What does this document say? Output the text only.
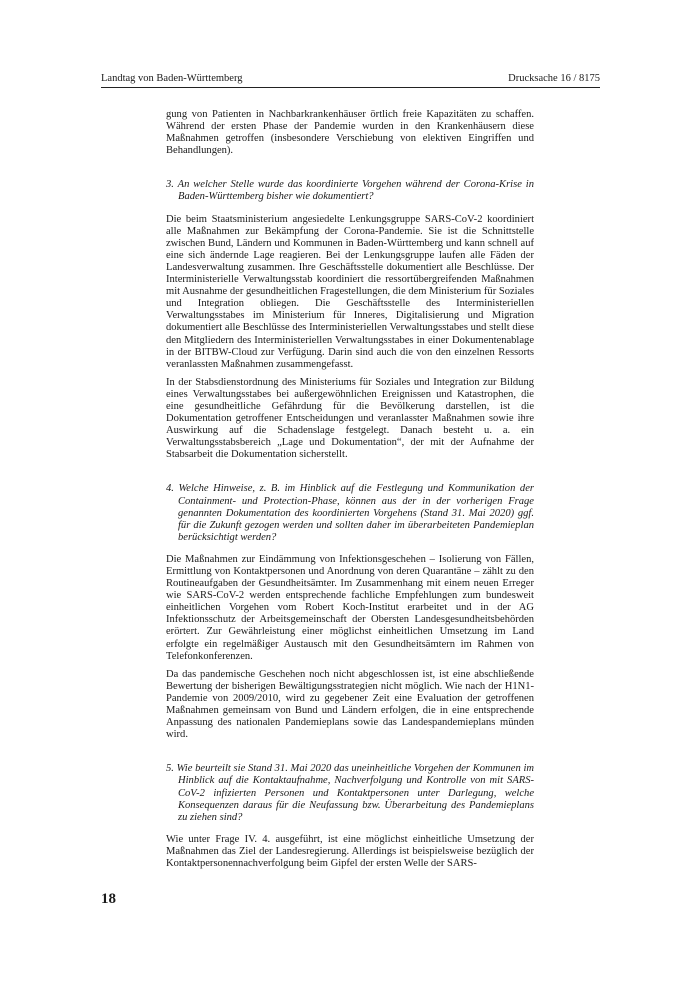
Landtag von Baden-Württemberg	Drucksache 16 / 8175

gung von Patienten in Nachbarkrankenhäuser örtlich freie Kapazitäten zu schaffen. Während der ersten Phase der Pandemie wurden in den Krankenhäusern diese Maßnahmen getroffen (insbesondere Verschiebung von elektiven Eingriffen und Behandlungen).

3. An welcher Stelle wurde das koordinierte Vorgehen während der Corona-Krise in Baden-Württemberg bisher wie dokumentiert?

Die beim Staatsministerium angesiedelte Lenkungsgruppe SARS-CoV-2 koordiniert alle Maßnahmen zur Bekämpfung der Corona-Pandemie. Sie ist die Schnittstelle zwischen Bund, Ländern und Kommunen in Baden-Württemberg und kann schnell auf eine sich ändernde Lage reagieren. Bei der Lenkungsgruppe laufen alle Fäden der Landesverwaltung zusammen. Ihre Geschäftsstelle dokumentiert alle Beschlüsse. Der Interministerielle Verwaltungsstab koordiniert die ressortübergreifenden Maßnahmen mit Ausnahme der gesundheitlichen Fragestellungen, die dem Ministerium für Soziales und Integration obliegen. Die Geschäftsstelle des Interministeriellen Verwaltungsstabes im Ministerium für Inneres, Digitalisierung und Migration dokumentiert alle Beschlüsse des Interministeriellen Verwaltungsstabes und stellt diese den Mitgliedern des Interministeriellen Verwaltungsstabes in einer Dokumentenablage in der BITBW-Cloud zur Verfügung. Darin sind auch die von den einzelnen Ressorts veranlassten Maßnahmen zusammengefasst.

In der Stabsdienstordnung des Ministeriums für Soziales und Integration zur Bildung eines Verwaltungsstabes bei außergewöhnlichen Ereignissen und Katastrophen, die eine gesundheitliche Gefährdung für die Bevölkerung darstellen, ist die Dokumentation getroffener Entscheidungen und veranlasster Maßnahmen sowie ihre Auswirkung auf die Schadenslage festgelegt. Danach besteht u. a. ein Verwaltungsstabsbereich „Lage und Dokumentation“, der mit der Aufnahme der Stabsarbeit die Dokumentation sicherstellt.

4. Welche Hinweise, z. B. im Hinblick auf die Festlegung und Kommunikation der Containment- und Protection-Phase, können aus der in der vorherigen Frage genannten Dokumentation des koordinierten Vorgehens (Stand 31. Mai 2020) ggf. für die Zukunft gezogen werden und sollten daher im überarbeiteten Pandemieplan berücksichtigt werden?

Die Maßnahmen zur Eindämmung von Infektionsgeschehen – Isolierung von Fällen, Ermittlung von Kontaktpersonen und Anordnung von deren Quarantäne – zählt zu den Routineaufgaben der Gesundheitsämter. Im Zusammenhang mit einem neuen Erreger wie SARS-CoV-2 werden entsprechende fachliche Empfehlungen zum bundesweit einheitlichen Vorgehen vom Robert Koch-Institut erarbeitet und in der AG Infektionsschutz der Arbeitsgemeinschaft der Obersten Landesgesundheitsbehörden erörtert. Zur Gewährleistung einer möglichst einheitlichen Umsetzung im Land erfolgte ein regelmäßiger Austausch mit den Gesundheitsämtern im Rahmen von Telefonkonferenzen.

Da das pandemische Geschehen noch nicht abgeschlossen ist, ist eine abschließende Bewertung der bisherigen Bewältigungsstrategien nicht möglich. Wie nach der H1N1-Pandemie von 2009/2010, wird zu gegebener Zeit eine Evaluation der getroffenen Maßnahmen gemeinsam von Bund und Ländern erfolgen, die in eine entsprechende Anpassung des nationalen Pandemieplans sowie das Landespandemieplans münden wird.

5. Wie beurteilt sie Stand 31. Mai 2020 das uneinheitliche Vorgehen der Kommunen im Hinblick auf die Kontaktaufnahme, Nachverfolgung und Kontrolle von mit SARS-CoV-2 infizierten Personen und Kontaktpersonen unter Darlegung, welche Konsequenzen daraus für die Neufassung bzw. Überarbeitung des Pandemieplans zu ziehen sind?

Wie unter Frage IV. 4. ausgeführt, ist eine möglichst einheitliche Umsetzung der Maßnahmen das Ziel der Landesregierung. Allerdings ist beispielsweise bezüglich der Kontaktpersonennachverfolgung beim Gipfel der ersten Welle der SARS-

18
